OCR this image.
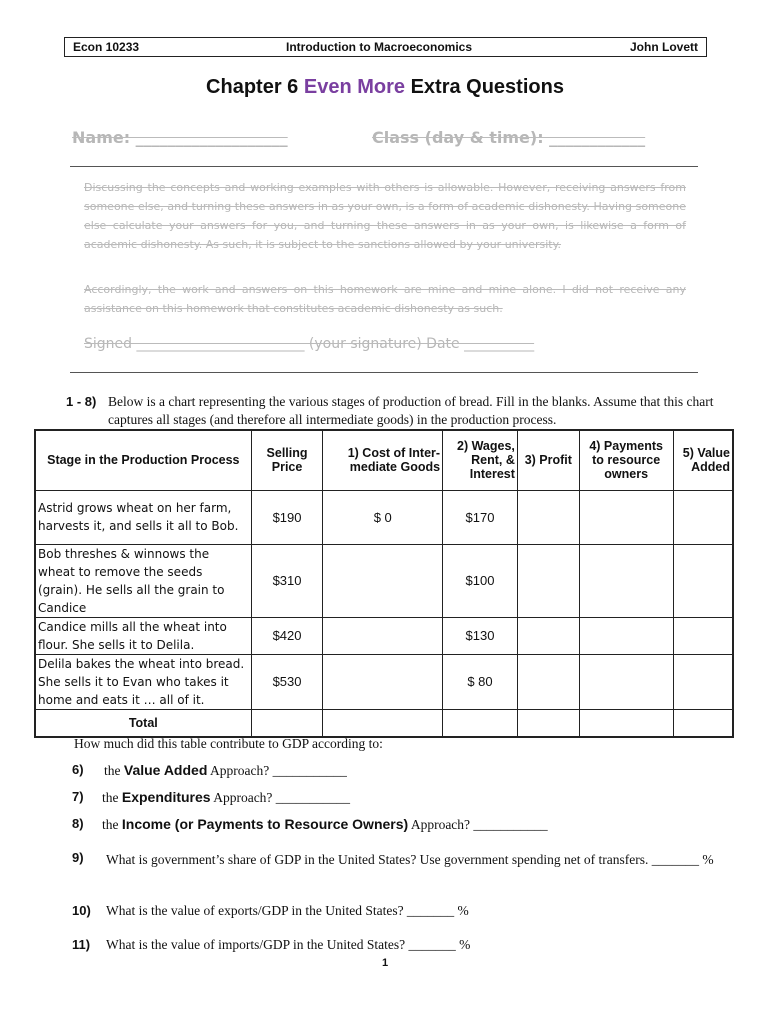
Econ 10233	Introduction to Macroeconomics	John Lovett
Chapter 6 Even More Extra Questions
Name: ___________________	Class (day & time): ____________
Discussing the concepts and working examples with others is allowable. However, receiving answers from someone else, and turning these answers in as your own, is a form of academic dishonesty. Having someone else calculate your answers for you, and turning these answers in as your own, is likewise a form of academic dishonesty. As such, it is subject to the sanctions allowed by your university.
Accordingly, the work and answers on this homework are mine and mine alone. I did not receive any assistance on this homework that constitutes academic dishonesty as such.
Signed ________________________ (your signature) Date __________
1 - 8) Below is a chart representing the various stages of production of bread. Fill in the blanks. Assume that this chart captures all stages (and therefore all intermediate goods) in the production process.
Stage in the Production Process	Selling Price	1) Cost of Inter- mediate Goods	2) Wages, Rent, & Interest	3) Profit	4) Payments to resource owners	5) Value Added
Astrid grows wheat on her farm, harvests it, and sells it all to Bob.	$190	$ 0	$170			
Bob threshes & winnows the wheat to remove the seeds (grain). He sells all the grain to Candice	$310		$100			
Candice mills all the wheat into flour. She sells it to Delila.	$420		$130			
Delila bakes the wheat into bread. She sells it to Evan who takes it home and eats it … all of it.	$530		$ 80			
Total						
How much did this table contribute to GDP according to:
6) the Value Added Approach? ___________
7) the Expenditures Approach? ___________
8) the Income (or Payments to Resource Owners) Approach? ___________
9) What is government’s share of GDP in the United States? Use government spending net of transfers. _______ %
10) What is the value of exports/GDP in the United States? _______ %
11) What is the value of imports/GDP in the United States? _______ %
1
